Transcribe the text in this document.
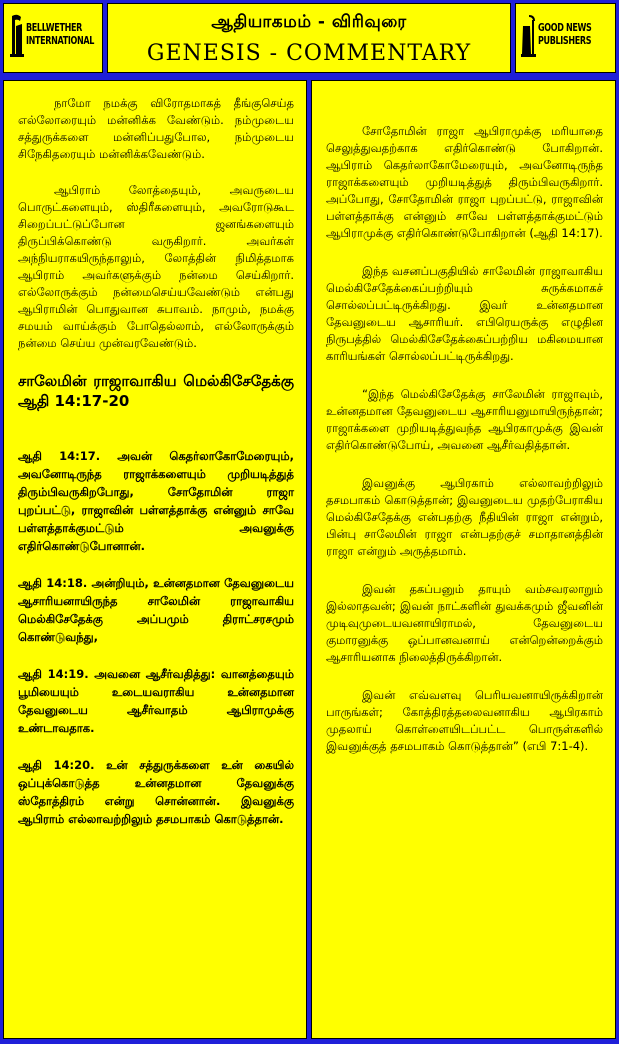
BELLWETHER
INTERNATIONAL
ஆதியாகமம் - விரிவுரை
GENESIS - COMMENTARY
GOOD NEWS
PUBLISHERS

நாமோ நமக்கு விரோதமாகத் தீங்குசெய்த எல்லோரையும் மன்னிக்க வேண்டும். நம்முடைய சத்துருக்களை மன்னிப்பதுபோல, நம்முடைய சிநேகிதரையும் மன்னிக்கவேண்டும்.

ஆபிராம் லோத்தையும், அவருடைய பொருட்களையும், ஸ்திரீகளையும், அவரோடுகூட சிறைப்பட்டுப்போன ஜனங்களையும் திருப்பிக்கொண்டு வருகிறார். அவர்கள் அந்நியராகயிருந்தாலும், லோத்தின் நிமித்தமாக ஆபிராம் அவர்களுக்கும் நன்மை செய்கிறார். எல்லோருக்கும் நன்மைசெய்யவேண்டும் என்பது ஆபிராமின் பொதுவான சுபாவம். நாமும், நமக்கு சமயம் வாய்க்கும் போதெல்லாம், எல்லோருக்கும் நன்மை செய்ய முன்வரவேண்டும்.

சாலேமின் ராஜாவாகிய மெல்கிசேதேக்கு ஆதி 14:17-20

ஆதி 14:17. அவன் கெதர்லாகோமேரையும், அவனோடிருந்த ராஜாக்களையும் முறியடித்துத் திரும்பிவருகிறபோது, சோதோமின் ராஜா புறப்பட்டு, ராஜாவின் பள்ளத்தாக்கு என்னும் சாவே பள்ளத்தாக்குமட்டும் அவனுக்கு எதிர்கொண்டுபோனான்.

ஆதி 14:18. அன்றியும், உன்னதமான தேவனுடைய ஆசாரியனாயிருந்த சாலேமின் ராஜாவாகிய மெல்கிசேதேக்கு அப்பமும் திராட்சரசமும் கொண்டுவந்து,

ஆதி 14:19. அவனை ஆசீர்வதித்து: வானத்தையும் பூமியையும் உடையவராகிய உன்னதமான தேவனுடைய ஆசீர்வாதம் ஆபிராமுக்கு உண்டாவதாக.

ஆதி 14:20. உன் சத்துருக்களை உன் கையில் ஒப்புக்கொடுத்த உன்னதமான தேவனுக்கு ஸ்தோத்திரம் என்று சொன்னான். இவனுக்கு ஆபிராம் எல்லாவற்றிலும் தசமபாகம் கொடுத்தான்.

சோதோமின் ராஜா ஆபிராமுக்கு மரியாதை செலுத்துவதற்காக எதிர்கொண்டு போகிறான். ஆபிராம் கெதர்லாகோமேரையும், அவனோடிருந்த ராஜாக்களையும் முறியடித்துத் திரும்பிவருகிறார். அப்போது, சோதோமின் ராஜா புறப்பட்டு, ராஜாவின் பள்ளத்தாக்கு என்னும் சாவே பள்ளத்தாக்குமட்டும் ஆபிராமுக்கு எதிர்கொண்டுபோகிறான் (ஆதி 14:17).

இந்த வசனப்பகுதியில் சாலேமின் ராஜாவாகிய மெல்கிசேதேக்கைப்பற்றியும் சுருக்கமாகச் சொல்லப்பட்டிருக்கிறது. இவர் உன்னதமான தேவனுடைய ஆசாரியர். எபிரெயருக்கு எழுதின நிருபத்தில் மெல்கிசேதேக்கைப்பற்றிய மகிமையான காரியங்கள் சொல்லப்பட்டிருக்கிறது.

“இந்த மெல்கிசேதேக்கு சாலேமின் ராஜாவும், உன்னதமான தேவனுடைய ஆசாரியனுமாயிருந்தான்; ராஜாக்களை முறியடித்துவந்த ஆபிரகாமுக்கு இவன் எதிர்கொண்டுபோய், அவனை ஆசீர்வதித்தான்.

இவனுக்கு ஆபிரகாம் எல்லாவற்றிலும் தசமபாகம் கொடுத்தான்; இவனுடைய முதற்பேராகிய மெல்கிசேதேக்கு என்பதற்கு நீதியின் ராஜா என்றும், பின்பு சாலேமின் ராஜா என்பதற்குச் சமாதானத்தின் ராஜா என்றும் அருத்தமாம்.

இவன் தகப்பனும் தாயும் வம்சவரலாறும் இல்லாதவன்; இவன் நாட்களின் துவக்கமும் ஜீவனின் முடிவுமுடையவனாயிராமல், தேவனுடைய குமாரனுக்கு ஒப்பானவனாய் என்றென்றைக்கும் ஆசாரியனாக நிலைத்திருக்கிறான்.

இவன் எவ்வளவு பெரியவனாயிருக்கிறான் பாருங்கள்; கோத்திரத்தலைவனாகிய ஆபிரகாம் முதலாய் கொள்ளையிடப்பட்ட பொருள்களில் இவனுக்குத் தசமபாகம் கொடுத்தான்” (எபி 7:1-4).
